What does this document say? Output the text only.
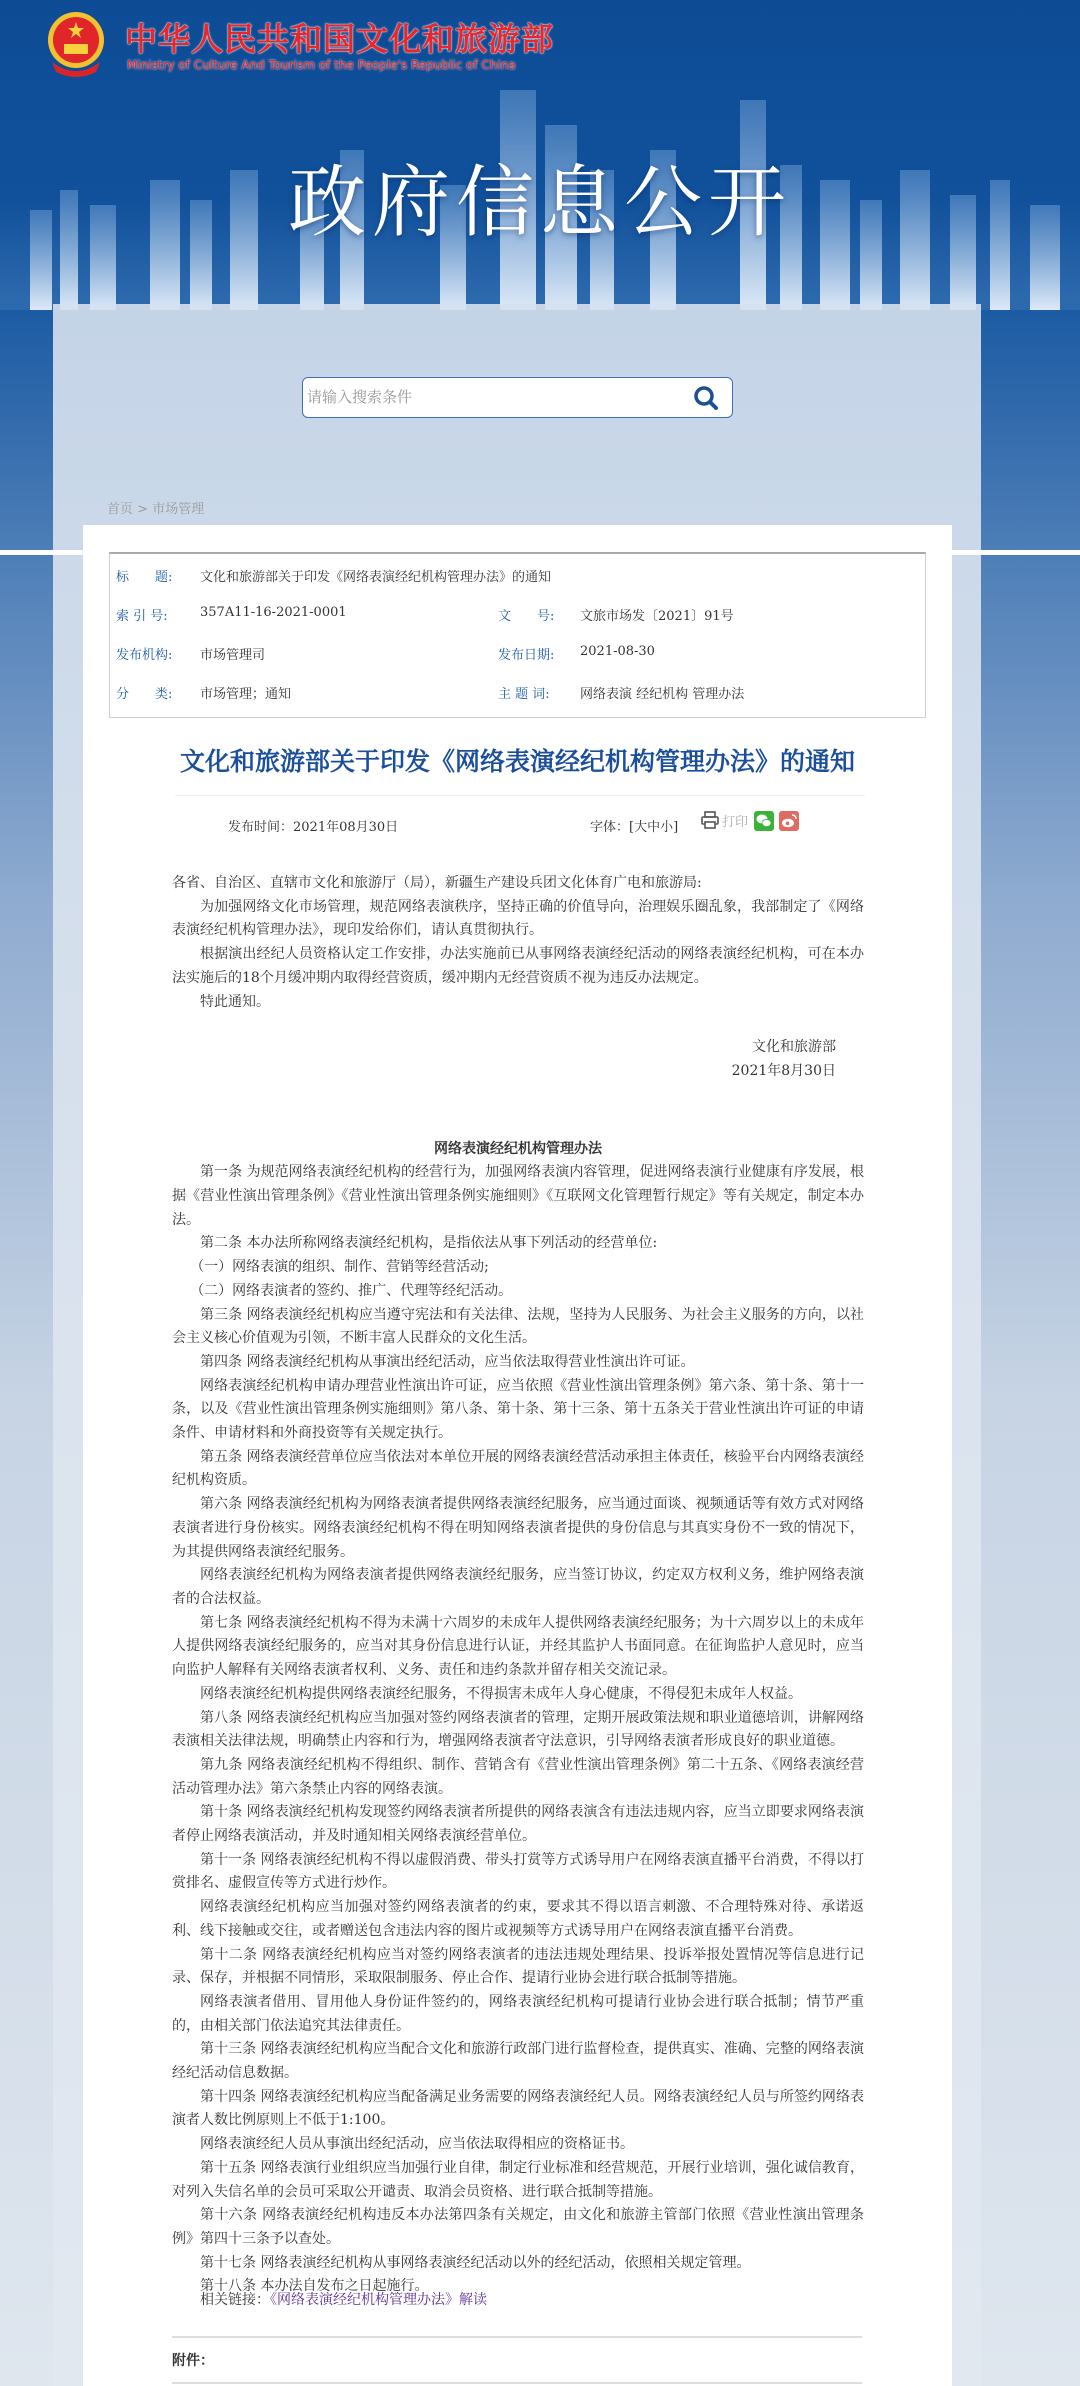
中华人民共和国文化和旅游部
Ministry of Culture And Tourism of the People's Republic of China
政府信息公开
请输入搜索条件
首页 > 市场管理
标　　题: 文化和旅游部关于印发《网络表演经纪机构管理办法》的通知
索 引 号: 357A11-16-2021-0001	文　　号: 文旅市场发〔2021〕91号
发布机构: 市场管理司	发布日期: 2021-08-30
分　　类: 市场管理；通知	主 题 词: 网络表演 经纪机构 管理办法
文化和旅游部关于印发《网络表演经纪机构管理办法》的通知
发布时间：2021年08月30日	字体：[大中小]	打印

各省、自治区、直辖市文化和旅游厅（局），新疆生产建设兵团文化体育广电和旅游局:

为加强网络文化市场管理，规范网络表演秩序，坚持正确的价值导向，治理娱乐圈乱象，我部制定了《网络表演经纪机构管理办法》，现印发给你们，请认真贯彻执行。

根据演出经纪人员资格认定工作安排，办法实施前已从事网络表演经纪活动的网络表演经纪机构，可在本办法实施后的18个月缓冲期内取得经营资质，缓冲期内无经营资质不视为违反办法规定。

特此通知。

文化和旅游部

2021年8月30日

网络表演经纪机构管理办法

第一条 为规范网络表演经纪机构的经营行为，加强网络表演内容管理，促进网络表演行业健康有序发展，根据《营业性演出管理条例》《营业性演出管理条例实施细则》《互联网文化管理暂行规定》等有关规定，制定本办法。

第二条 本办法所称网络表演经纪机构，是指依法从事下列活动的经营单位:

（一）网络表演的组织、制作、营销等经营活动;

（二）网络表演者的签约、推广、代理等经纪活动。

第三条 网络表演经纪机构应当遵守宪法和有关法律、法规，坚持为人民服务、为社会主义服务的方向，以社会主义核心价值观为引领，不断丰富人民群众的文化生活。

第四条 网络表演经纪机构从事演出经纪活动，应当依法取得营业性演出许可证。

网络表演经纪机构申请办理营业性演出许可证，应当依照《营业性演出管理条例》第六条、第十条、第十一条，以及《营业性演出管理条例实施细则》第八条、第十条、第十三条、第十五条关于营业性演出许可证的申请条件、申请材料和外商投资等有关规定执行。

第五条 网络表演经营单位应当依法对本单位开展的网络表演经营活动承担主体责任，核验平台内网络表演经纪机构资质。

第六条 网络表演经纪机构为网络表演者提供网络表演经纪服务，应当通过面谈、视频通话等有效方式对网络表演者进行身份核实。网络表演经纪机构不得在明知网络表演者提供的身份信息与其真实身份不一致的情况下，为其提供网络表演经纪服务。

网络表演经纪机构为网络表演者提供网络表演经纪服务，应当签订协议，约定双方权利义务，维护网络表演者的合法权益。

第七条 网络表演经纪机构不得为未满十六周岁的未成年人提供网络表演经纪服务；为十六周岁以上的未成年人提供网络表演经纪服务的，应当对其身份信息进行认证，并经其监护人书面同意。在征询监护人意见时，应当向监护人解释有关网络表演者权利、义务、责任和违约条款并留存相关交流记录。

网络表演经纪机构提供网络表演经纪服务，不得损害未成年人身心健康，不得侵犯未成年人权益。

第八条 网络表演经纪机构应当加强对签约网络表演者的管理，定期开展政策法规和职业道德培训，讲解网络表演相关法律法规，明确禁止内容和行为，增强网络表演者守法意识，引导网络表演者形成良好的职业道德。

第九条 网络表演经纪机构不得组织、制作、营销含有《营业性演出管理条例》第二十五条、《网络表演经营活动管理办法》第六条禁止内容的网络表演。

第十条 网络表演经纪机构发现签约网络表演者所提供的网络表演含有违法违规内容，应当立即要求网络表演者停止网络表演活动，并及时通知相关网络表演经营单位。

第十一条 网络表演经纪机构不得以虚假消费、带头打赏等方式诱导用户在网络表演直播平台消费，不得以打赏排名、虚假宣传等方式进行炒作。

网络表演经纪机构应当加强对签约网络表演者的约束，要求其不得以语言刺激、不合理特殊对待、承诺返利、线下接触或交往，或者赠送包含违法内容的图片或视频等方式诱导用户在网络表演直播平台消费。

第十二条 网络表演经纪机构应当对签约网络表演者的违法违规处理结果、投诉举报处置情况等信息进行记录、保存，并根据不同情形，采取限制服务、停止合作、提请行业协会进行联合抵制等措施。

网络表演者借用、冒用他人身份证件签约的，网络表演经纪机构可提请行业协会进行联合抵制；情节严重的，由相关部门依法追究其法律责任。

第十三条 网络表演经纪机构应当配合文化和旅游行政部门进行监督检查，提供真实、准确、完整的网络表演经纪活动信息数据。

第十四条 网络表演经纪机构应当配备满足业务需要的网络表演经纪人员。网络表演经纪人员与所签约网络表演者人数比例原则上不低于1:100。

网络表演经纪人员从事演出经纪活动，应当依法取得相应的资格证书。

第十五条 网络表演行业组织应当加强行业自律，制定行业标准和经营规范，开展行业培训，强化诚信教育，对列入失信名单的会员可采取公开谴责、取消会员资格、进行联合抵制等措施。

第十六条 网络表演经纪机构违反本办法第四条有关规定，由文化和旅游主管部门依照《营业性演出管理条例》第四十三条予以查处。

第十七条 网络表演经纪机构从事网络表演经纪活动以外的经纪活动，依照相关规定管理。

第十八条 本办法自发布之日起施行。

相关链接：《网络表演经纪机构管理办法》解读
附件：
